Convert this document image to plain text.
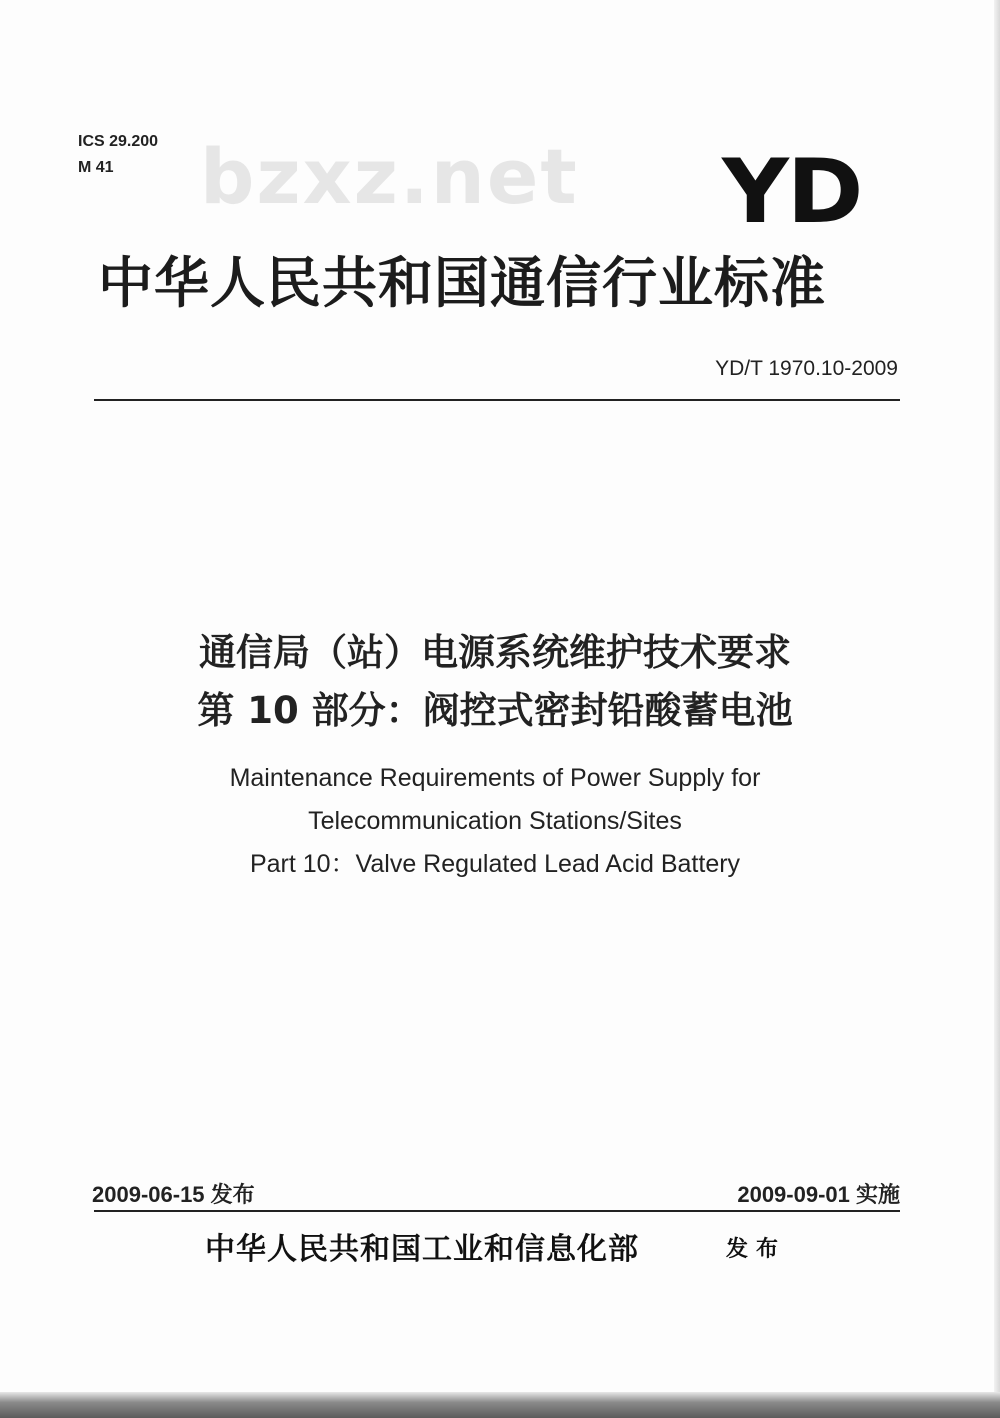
ICS 29.200
M 41	bzxz.net YD
中华人民共和国通信行业标准
YD/T 1970.10-2009
通信局（站）电源系统维护技术要求
第 10 部分：阀控式密封铅酸蓄电池
Maintenance Requirements of Power Supply for
Telecommunication Stations/Sites
Part 10：Valve Regulated Lead Acid Battery
2009-06-15 发布	2009-09-01 实施
中华人民共和国工业和信息化部	发布
